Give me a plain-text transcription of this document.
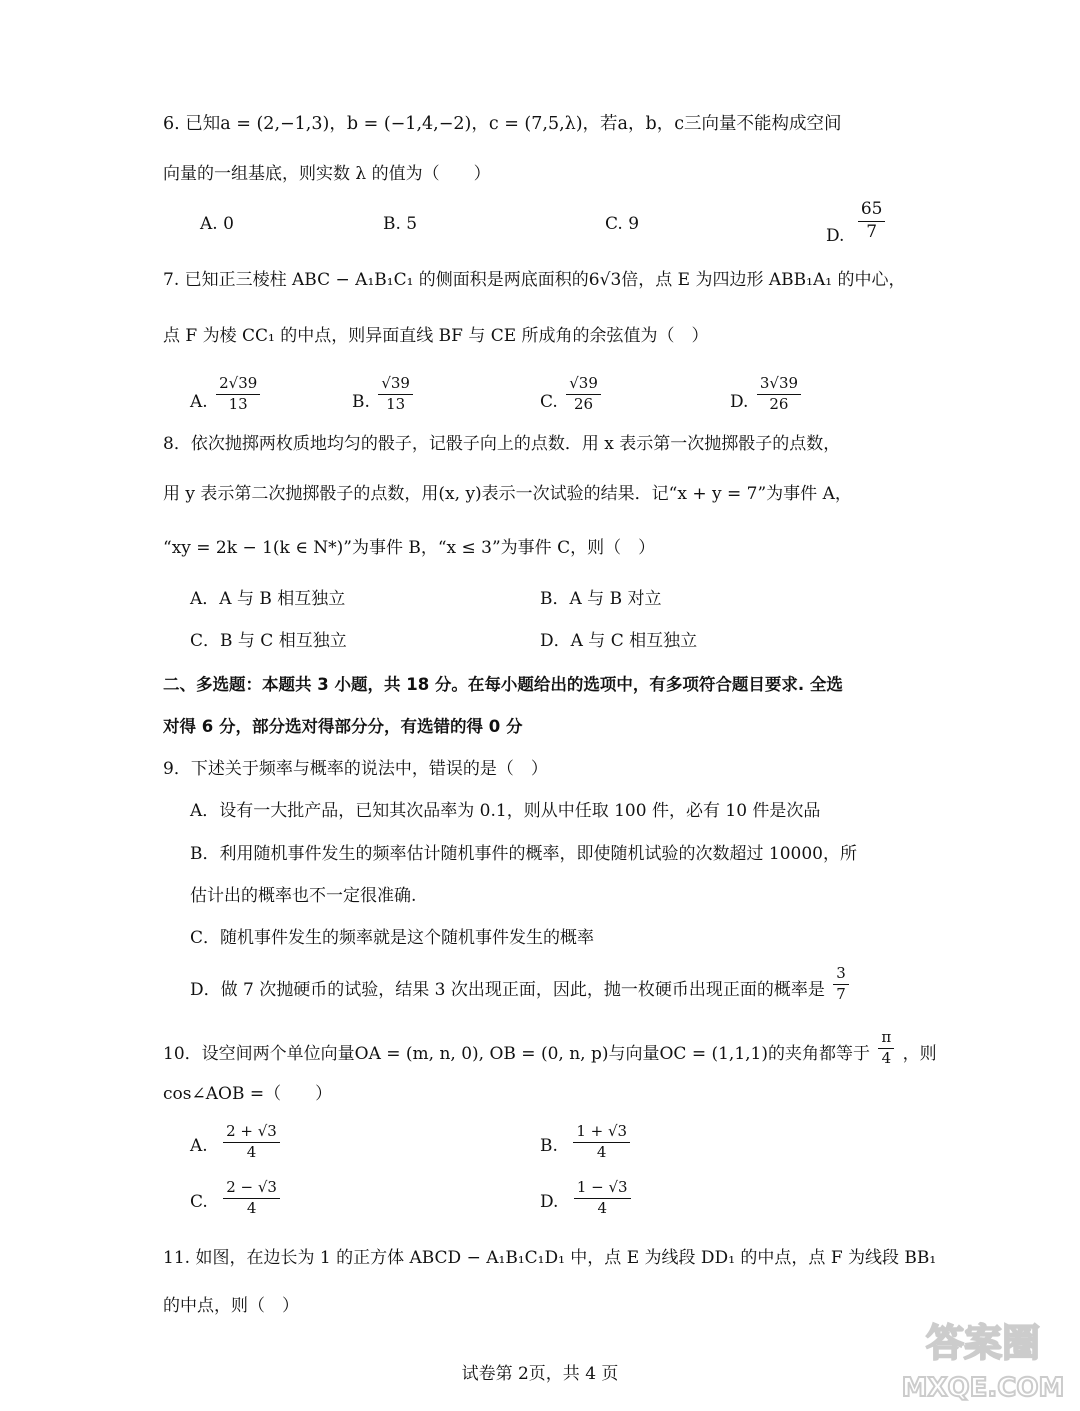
6. 已知a = (2,−1,3)，b = (−1,4,−2)，c = (7,5,λ)，若a，b，c三向量不能构成空间
向量的一组基底，则实数 λ 的值为（　　）
A. 0	B. 5	C. 9
D. $\frac{65}{7}$
7. 已知正三棱柱 ABC − A₁B₁C₁ 的侧面积是两底面积的6√3倍，点 E 为四边形 ABB₁A₁ 的中心，
点 F 为棱 CC₁ 的中点，则异面直线 BF 与 CE 所成角的余弦值为（　）
A. $\frac{2√39}{13}$	B. $\frac{√39}{13}$	C. $\frac{√39}{26}$	D. $\frac{3√39}{26}$
8．依次抛掷两枚质地均匀的骰子，记骰子向上的点数．用 x 表示第一次抛掷骰子的点数，
用 y 表示第二次抛掷骰子的点数，用(x, y)表示一次试验的结果．记“x + y = 7”为事件 A，
“xy = 2k − 1(k ∈ N*)”为事件 B，“x ≤ 3”为事件 C，则（　）
A．A 与 B 相互独立	B．A 与 B 对立
C．B 与 C 相互独立	D．A 与 C 相互独立
二、多选题：本题共 3 小题，共 18 分。在每小题给出的选项中，有多项符合题目要求. 全选
对得 6 分，部分选对得部分分，有选错的得 0 分
9．下述关于频率与概率的说法中，错误的是（　）
A．设有一大批产品，已知其次品率为 0.1，则从中任取 100 件，必有 10 件是次品
B．利用随机事件发生的频率估计随机事件的概率，即使随机试验的次数超过 10000，所
估计出的概率也不一定很准确.
C．随机事件发生的频率就是这个随机事件发生的概率
D．做 7 次抛硬币的试验，结果 3 次出现正面，因此，抛一枚硬币出现正面的概率是 $\frac{3}{7}$
10．设空间两个单位向量OA = (m, n, 0), OB = (0, n, p)与向量OC = (1,1,1)的夹角都等于 $\frac{\pi}{4}$ ，则
cos∠AOB =（　　）
A. $\frac{2 + √3}{4}$	B. $\frac{1 + √3}{4}$
C. $\frac{2 - √3}{4}$	D. $\frac{1 - √3}{4}$
11. 如图，在边长为 1 的正方体 ABCD − A₁B₁C₁D₁ 中，点 E 为线段 DD₁ 的中点，点 F 为线段 BB₁
的中点，则（　）
试卷第 2页，共 4 页
答案圈
MXQE.COM
